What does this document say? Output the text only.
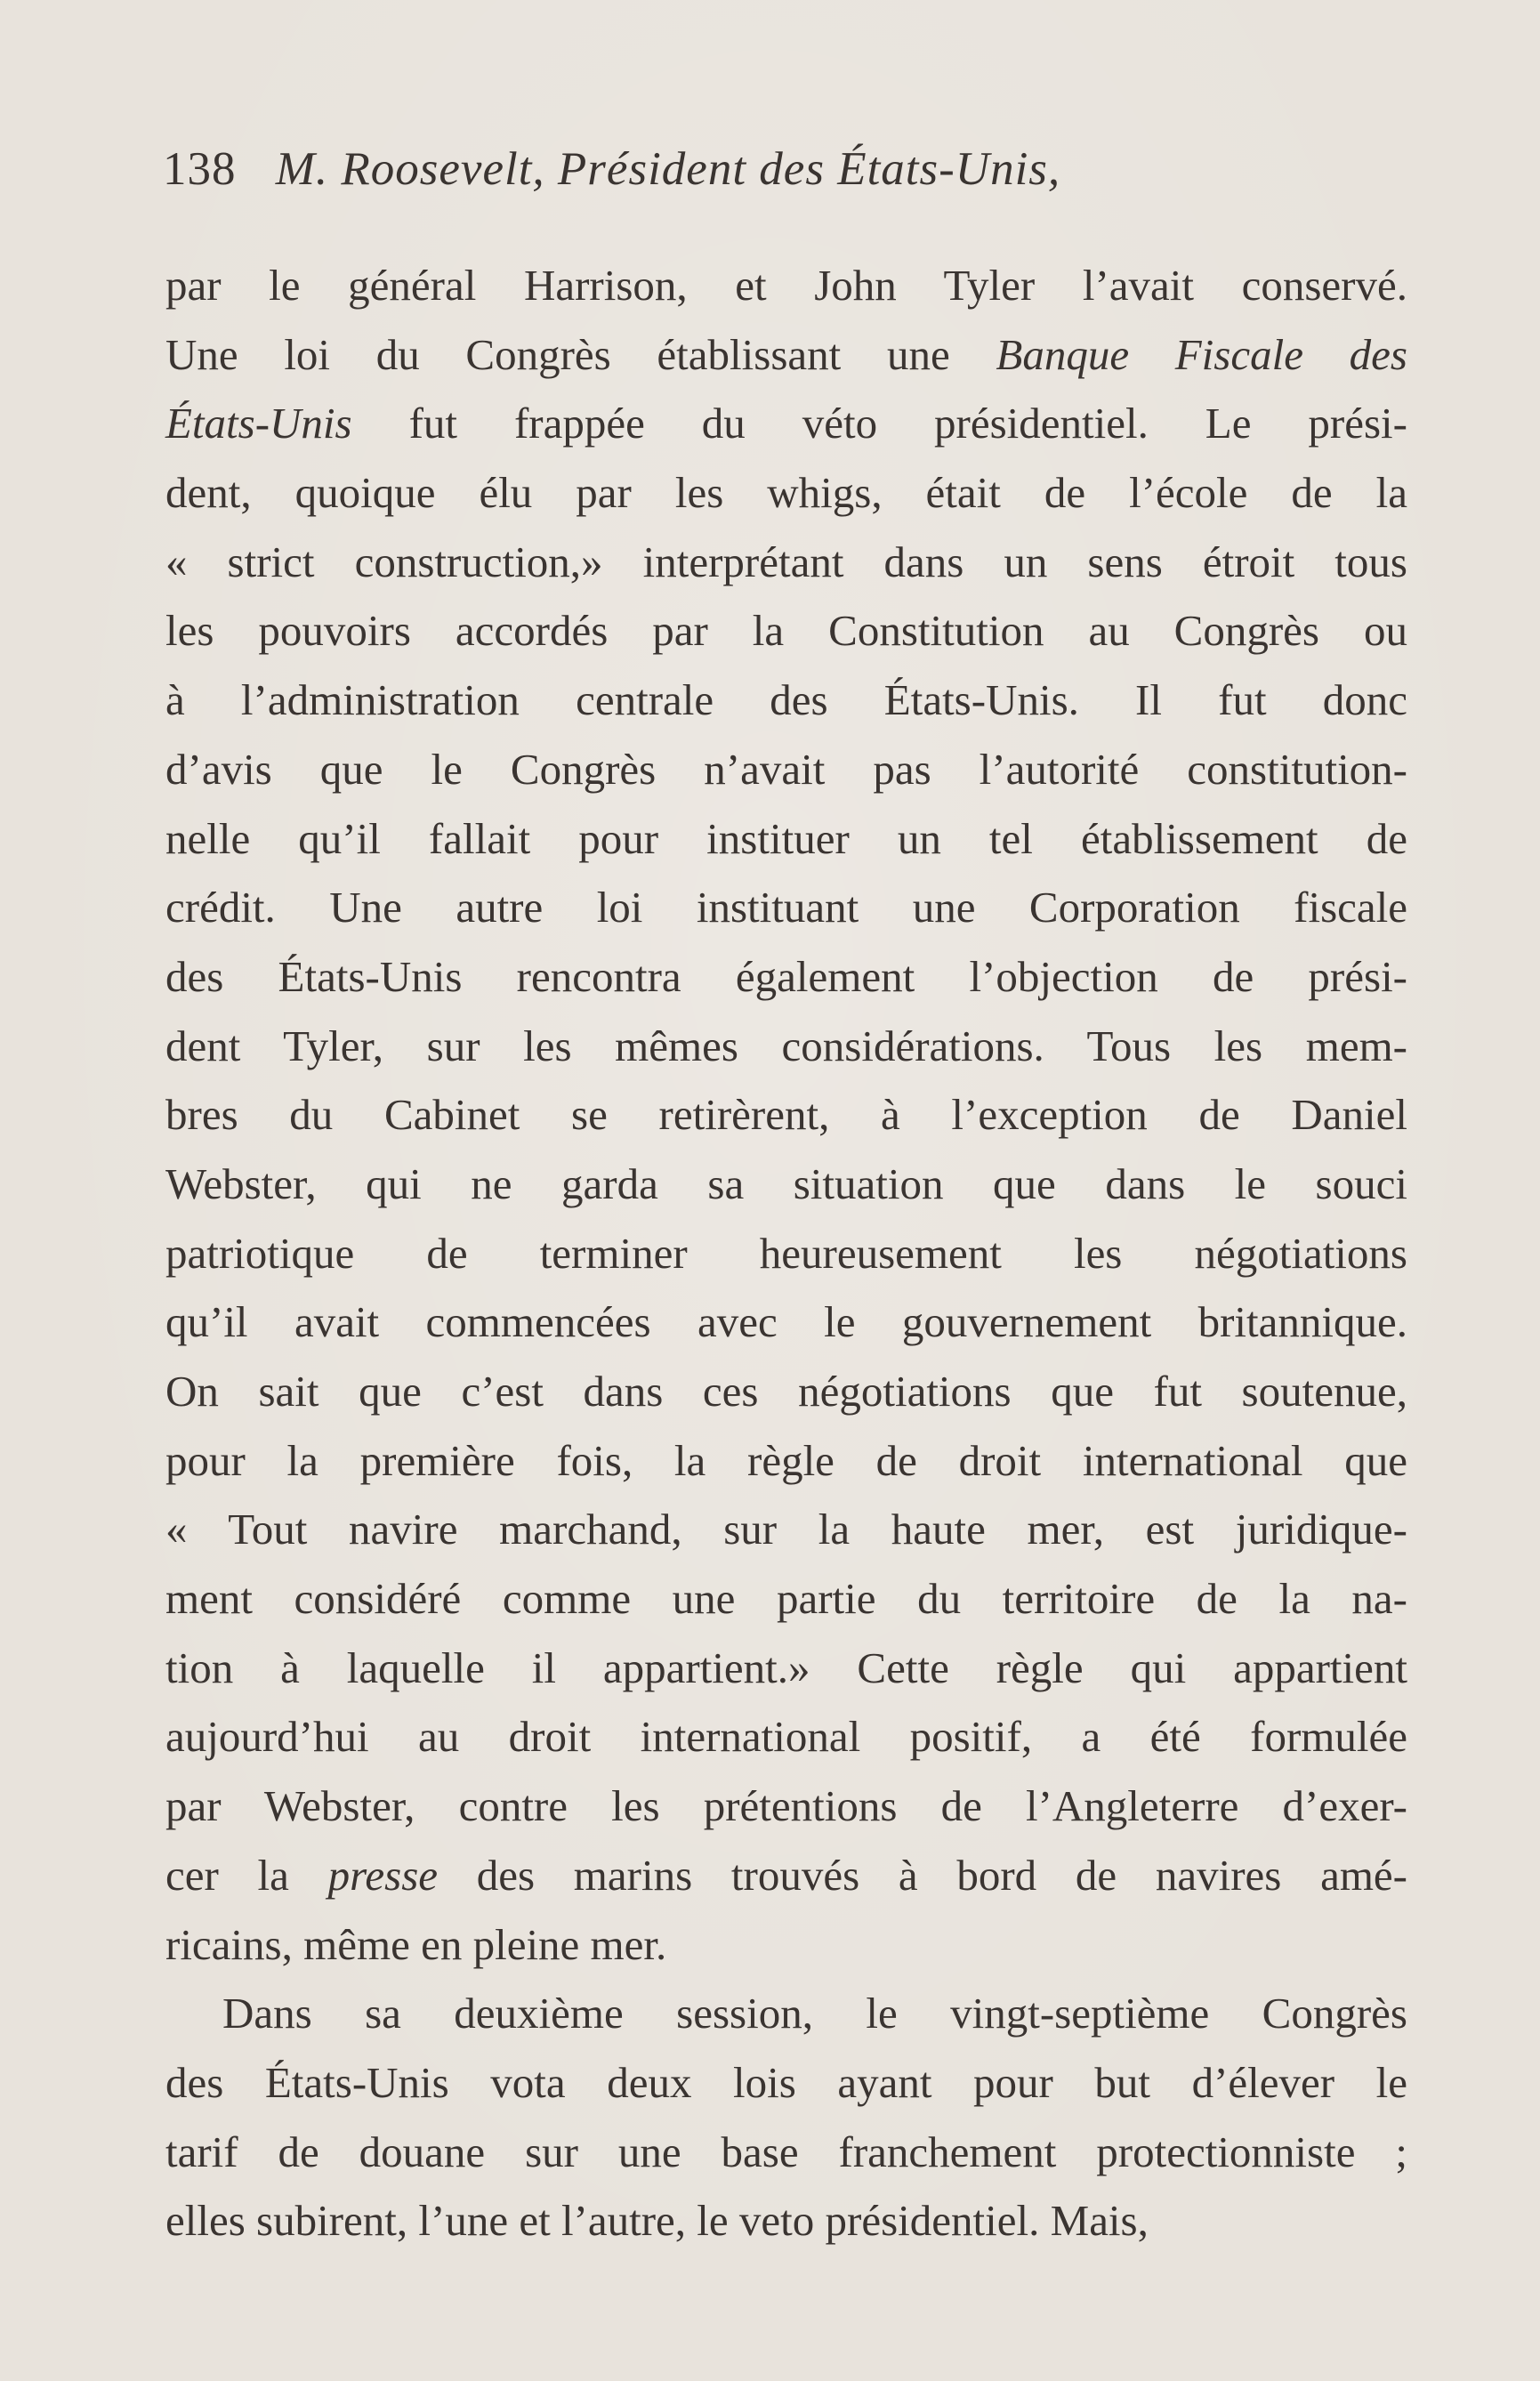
138 M. Roosevelt, Président des États-Unis,
par le général Harrison, et John Tyler l’avait conservé.
Une loi du Congrès établissant une Banque Fiscale des
États-Unis fut frappée du véto présidentiel. Le prési-
dent, quoique élu par les whigs, était de l’école de la
« strict construction,» interprétant dans un sens étroit tous
les pouvoirs accordés par la Constitution au Congrès ou
à l’administration centrale des États-Unis. Il fut donc
d’avis que le Congrès n’avait pas l’autorité constitution-
nelle qu’il fallait pour instituer un tel établissement de
crédit. Une autre loi instituant une Corporation fiscale
des États-Unis rencontra également l’objection de prési-
dent Tyler, sur les mêmes considérations. Tous les mem-
bres du Cabinet se retirèrent, à l’exception de Daniel
Webster, qui ne garda sa situation que dans le souci
patriotique de terminer heureusement les négotiations
qu’il avait commencées avec le gouvernement britannique.
On sait que c’est dans ces négotiations que fut soutenue,
pour la première fois, la règle de droit international que
« Tout navire marchand, sur la haute mer, est juridique-
ment considéré comme une partie du territoire de la na-
tion à laquelle il appartient.» Cette règle qui appartient
aujourd’hui au droit international positif, a été formulée
par Webster, contre les prétentions de l’Angleterre d’exer-
cer la presse des marins trouvés à bord de navires amé-
ricains, même en pleine mer.
Dans sa deuxième session, le vingt-septième Congrès
des États-Unis vota deux lois ayant pour but d’élever le
tarif de douane sur une base franchement protectionniste ;
elles subirent, l’une et l’autre, le veto présidentiel. Mais,
